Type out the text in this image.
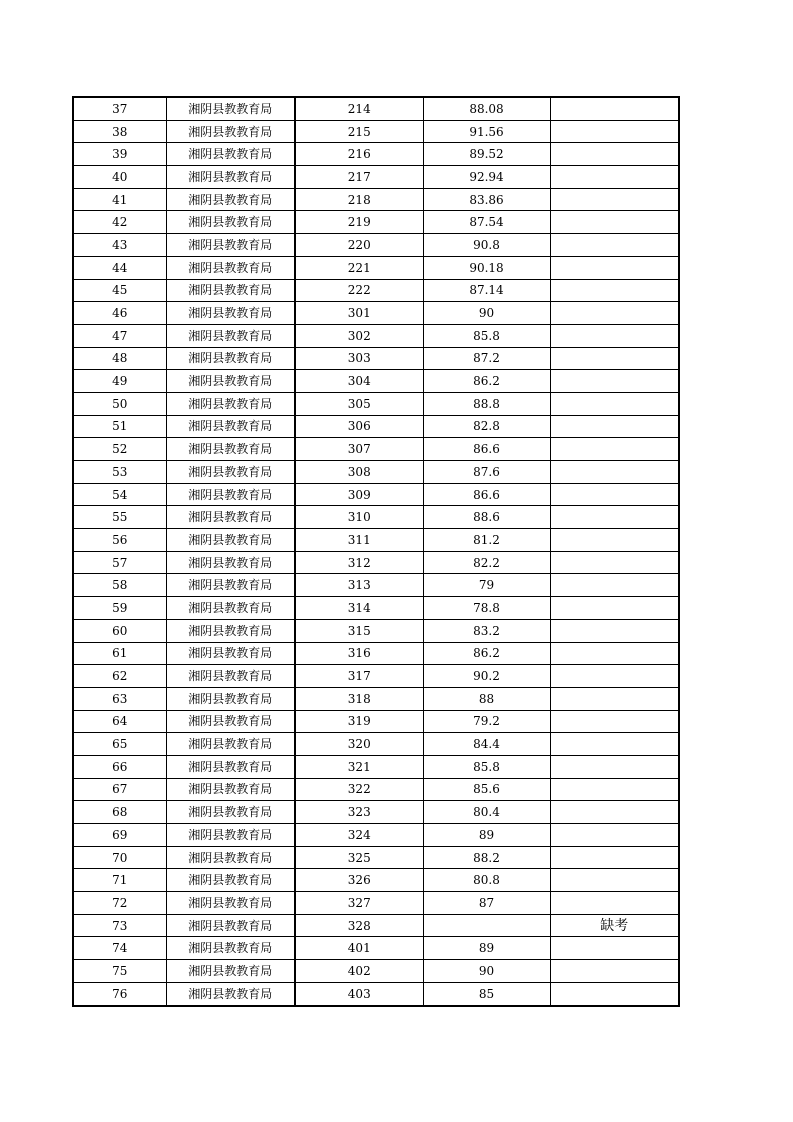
37	湘阴县教教育局	214	88.08	
38	湘阴县教教育局	215	91.56	
39	湘阴县教教育局	216	89.52	
40	湘阴县教教育局	217	92.94	
41	湘阴县教教育局	218	83.86	
42	湘阴县教教育局	219	87.54	
43	湘阴县教教育局	220	90.8	
44	湘阴县教教育局	221	90.18	
45	湘阴县教教育局	222	87.14	
46	湘阴县教教育局	301	90	
47	湘阴县教教育局	302	85.8	
48	湘阴县教教育局	303	87.2	
49	湘阴县教教育局	304	86.2	
50	湘阴县教教育局	305	88.8	
51	湘阴县教教育局	306	82.8	
52	湘阴县教教育局	307	86.6	
53	湘阴县教教育局	308	87.6	
54	湘阴县教教育局	309	86.6	
55	湘阴县教教育局	310	88.6	
56	湘阴县教教育局	311	81.2	
57	湘阴县教教育局	312	82.2	
58	湘阴县教教育局	313	79	
59	湘阴县教教育局	314	78.8	
60	湘阴县教教育局	315	83.2	
61	湘阴县教教育局	316	86.2	
62	湘阴县教教育局	317	90.2	
63	湘阴县教教育局	318	88	
64	湘阴县教教育局	319	79.2	
65	湘阴县教教育局	320	84.4	
66	湘阴县教教育局	321	85.8	
67	湘阴县教教育局	322	85.6	
68	湘阴县教教育局	323	80.4	
69	湘阴县教教育局	324	89	
70	湘阴县教教育局	325	88.2	
71	湘阴县教教育局	326	80.8	
72	湘阴县教教育局	327	87	
73	湘阴县教教育局	328		缺考
74	湘阴县教教育局	401	89	
75	湘阴县教教育局	402	90	
76	湘阴县教教育局	403	85	
